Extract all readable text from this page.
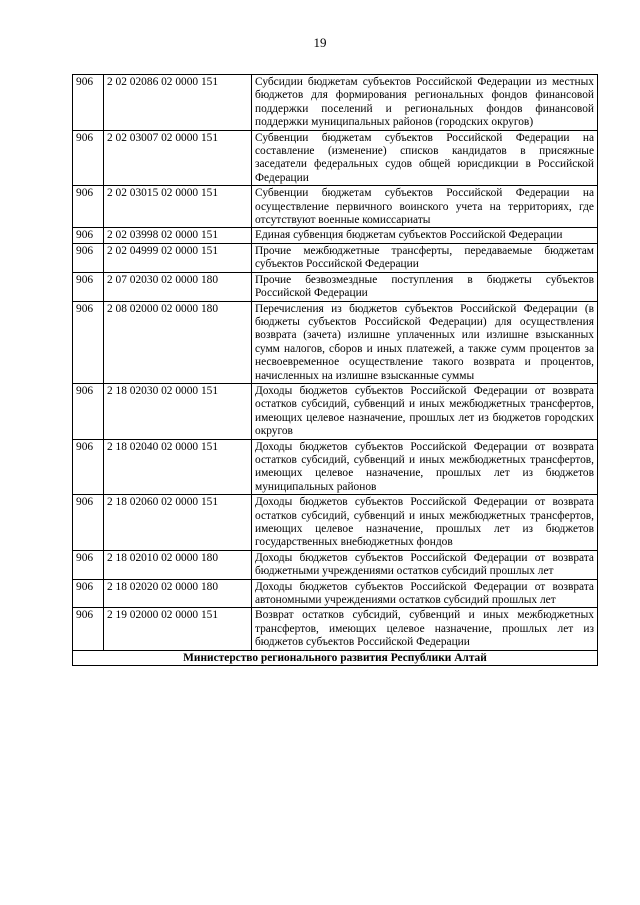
19
906	2 02 02086 02 0000 151	Субсидии бюджетам субъектов Российской Федерации из местных бюджетов для формирования региональных фондов финансовой поддержки поселений и региональных фондов финансовой поддержки муниципальных районов (городских округов)
906	2 02 03007 02 0000 151	Субвенции бюджетам субъектов Российской Федерации на составление (изменение) списков кандидатов в присяжные заседатели федеральных судов общей юрисдикции в Российской Федерации
906	2 02 03015 02 0000 151	Субвенции бюджетам субъектов Российской Федерации на осуществление первичного воинского учета на территориях, где отсутствуют военные комиссариаты
906	2 02 03998 02 0000 151	Единая субвенция бюджетам субъектов Российской Федерации
906	2 02 04999 02 0000 151	Прочие межбюджетные трансферты, передаваемые бюджетам субъектов Российской Федерации
906	2 07 02030 02 0000 180	Прочие безвозмездные поступления в бюджеты субъектов Российской Федерации
906	2 08 02000 02 0000 180	Перечисления из бюджетов субъектов Российской Федерации (в бюджеты субъектов Российской Федерации) для осуществления возврата (зачета) излишне уплаченных или излишне взысканных сумм налогов, сборов и иных платежей, а также сумм процентов за несвоевременное осуществление такого возврата и процентов, начисленных на излишне взысканные суммы
906	2 18 02030 02 0000 151	Доходы бюджетов субъектов Российской Федерации от возврата остатков субсидий, субвенций и иных межбюджетных трансфертов, имеющих целевое назначение, прошлых лет из бюджетов городских округов
906	2 18 02040 02 0000 151	Доходы бюджетов субъектов Российской Федерации от возврата остатков субсидий, субвенций и иных межбюджетных трансфертов, имеющих целевое назначение, прошлых лет из бюджетов муниципальных районов
906	2 18 02060 02 0000 151	Доходы бюджетов субъектов Российской Федерации от возврата остатков субсидий, субвенций и иных межбюджетных трансфертов, имеющих целевое назначение, прошлых лет из бюджетов государственных внебюджетных фондов
906	2 18 02010 02 0000 180	Доходы бюджетов субъектов Российской Федерации от возврата бюджетными учреждениями остатков субсидий прошлых лет
906	2 18 02020 02 0000 180	Доходы бюджетов субъектов Российской Федерации от возврата автономными учреждениями остатков субсидий прошлых лет
906	2 19 02000 02 0000 151	Возврат остатков субсидий, субвенций и иных межбюджетных трансфертов, имеющих целевое назначение, прошлых лет из бюджетов субъектов Российской Федерации
Министерство регионального развития Республики Алтай		
